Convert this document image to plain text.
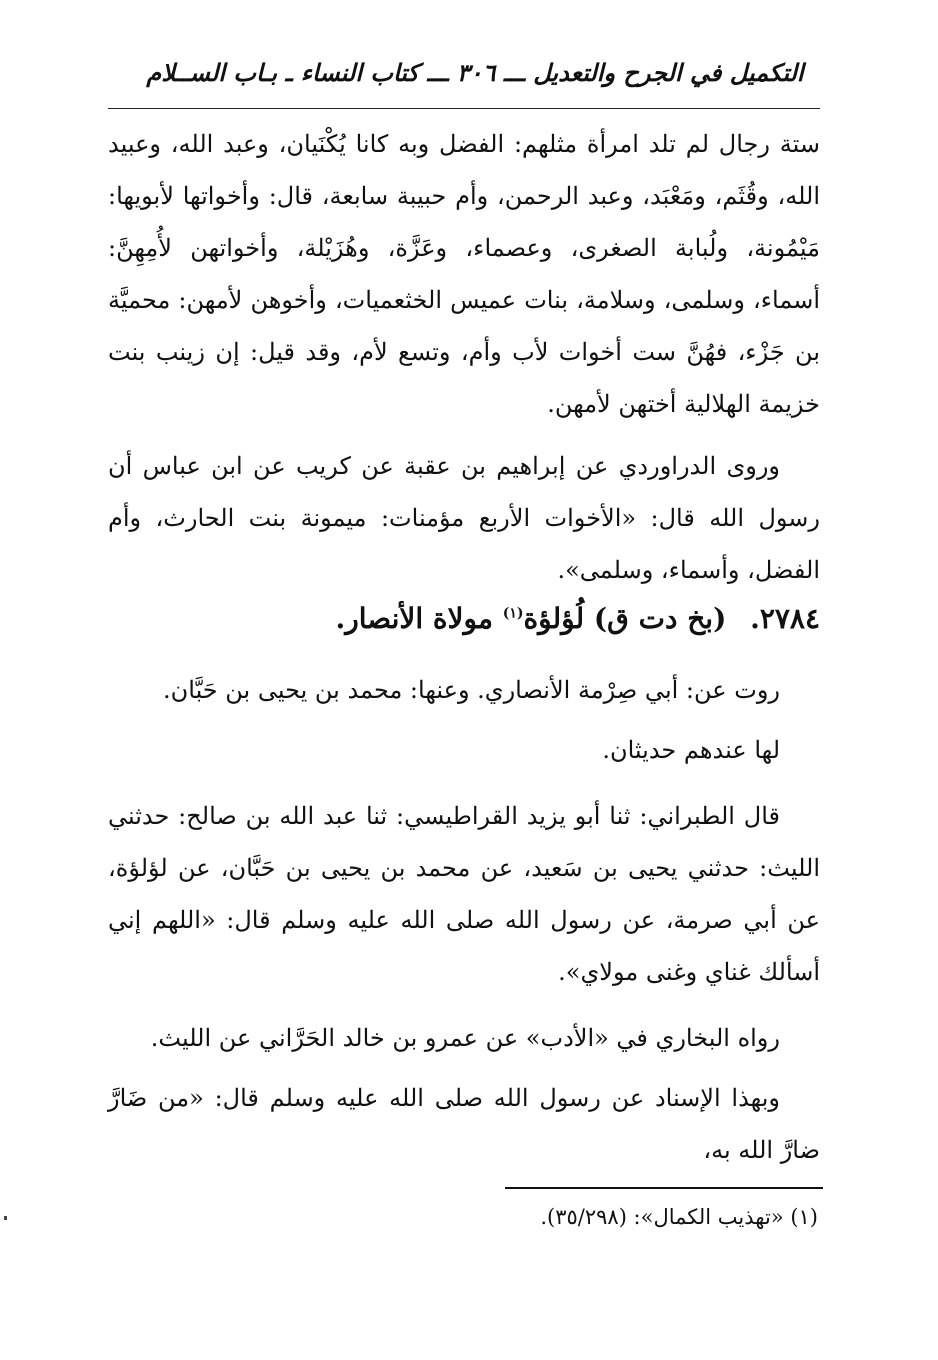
التكميل في الجرح والتعديل ـــ ٣٠٦ ـــ كتاب النساء ـ بـاب الســلام

ستة رجال لم تلد امرأة مثلهم: الفضل وبه كانا يُكْنَيان، وعبد الله، وعبيد الله، وقُثَم، ومَعْبَد، وعبد الرحمن، وأم حبيبة سابعة، قال: وأخواتها لأبويها: مَيْمُونة، ولُبابة الصغرى، وعصماء، وعَزَّة، وهُزَيْلة، وأخواتهن لأُمِهِنَّ: أسماء، وسلمى، وسلامة، بنات عميس الخثعميات، وأخوهن لأمهن: محميَّة بن جَزْء، فهُنَّ ست أخوات لأب وأم، وتسع لأم، وقد قيل: إن زينب بنت خزيمة الهلالية أختهن لأمهن.

وروى الدراوردي عن إبراهيم بن عقبة عن كريب عن ابن عباس أن رسول الله قال: «الأخوات الأربع مؤمنات: ميمونة بنت الحارث، وأم الفضل، وأسماء، وسلمى».

٢٧٨٤. (بخ دت ق) لُؤلؤة$^{(١)}$ مولاة الأنصار.

روت عن: أبي صِرْمة الأنصاري. وعنها: محمد بن يحيى بن حَبَّان.

لها عندهم حديثان.

قال الطبراني: ثنا أبو يزيد القراطيسي: ثنا عبد الله بن صالح: حدثني الليث: حدثني يحيى بن سَعيد، عن محمد بن يحيى بن حَبَّان، عن لؤلؤة، عن أبي صرمة، عن رسول الله صلى الله عليه وسلم قال: «اللهم إني أسألك غناي وغنى مولاي».

رواه البخاري في «الأدب» عن عمرو بن خالد الحَرَّاني عن الليث.

وبهذا الإسناد عن رسول الله صلى الله عليه وسلم قال: «من ضَارَّ ضارَّ الله به،

(١) «تهذيب الكمال»: (٣٥/٢٩٨).
